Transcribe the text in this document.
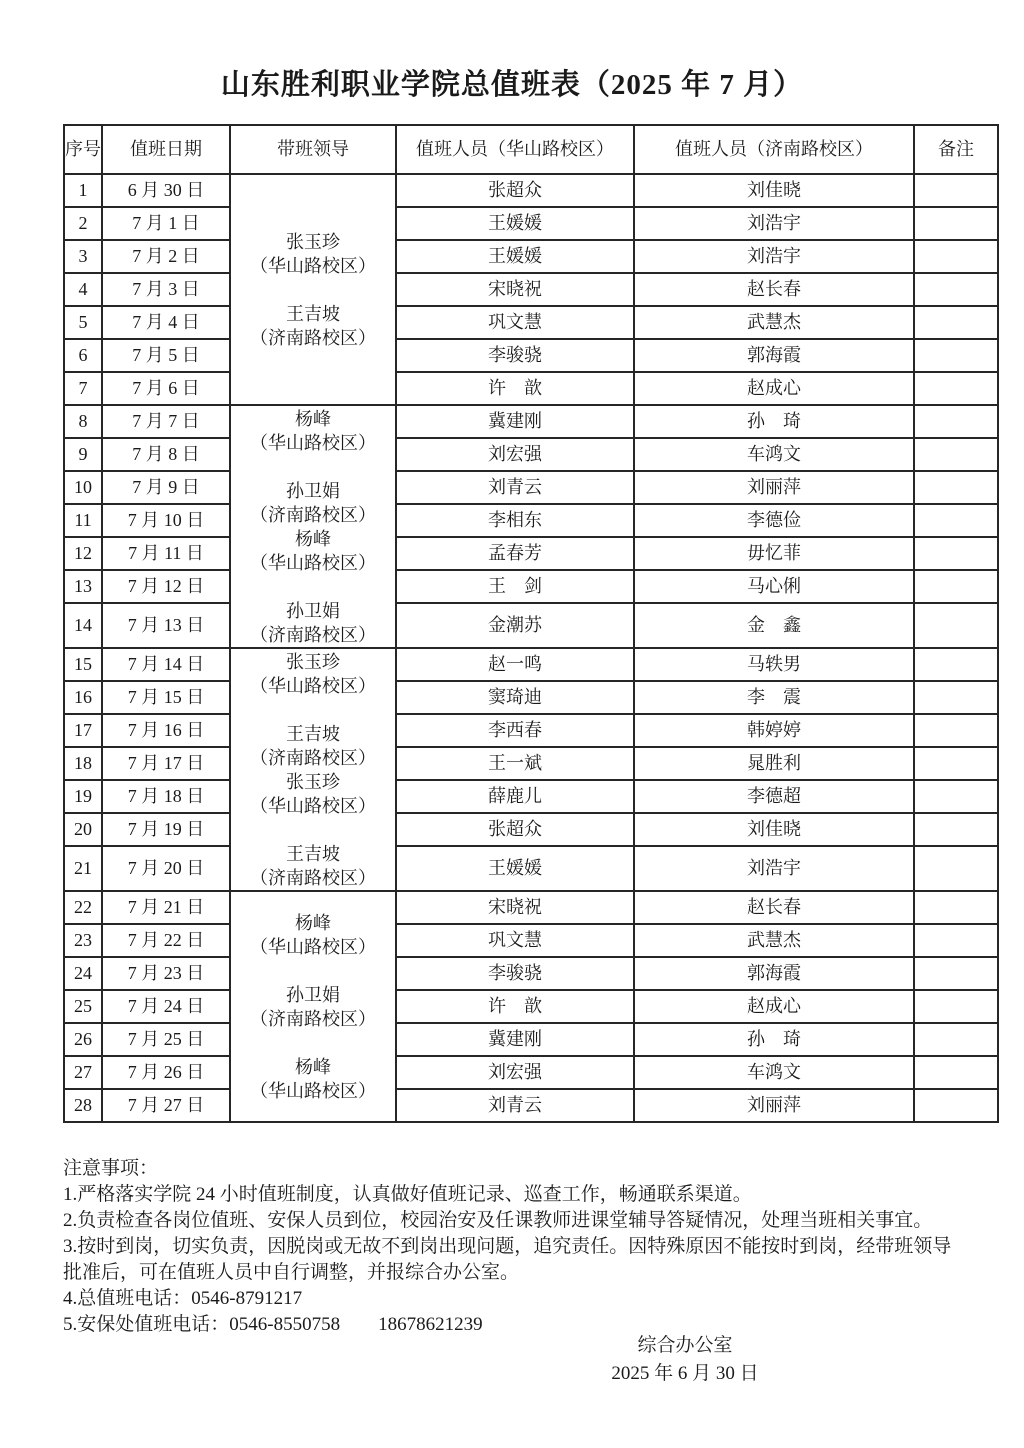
山东胜利职业学院总值班表（2025 年 7 月）
序号	值班日期	带班领导	值班人员（华山路校区）	值班人员（济南路校区）	备注
1	6 月 30 日	张玉珍
（华山路校区）

王吉坡
（济南路校区）	张超众	刘佳晓	
2	7 月 1 日		王媛媛	刘浩宇	
3	7 月 2 日		王媛媛	刘浩宇	
4	7 月 3 日		宋晓祝	赵长春	
5	7 月 4 日		巩文慧	武慧杰	
6	7 月 5 日		李骏骁	郭海霞	
7	7 月 6 日		许　歆	赵成心	
8	7 月 7 日	杨峰
（华山路校区）

孙卫娟
（济南路校区）
杨峰
（华山路校区）

孙卫娟
（济南路校区）
	冀建刚	孙　琦	
9	7 月 8 日		刘宏强	车鸿文	
10	7 月 9 日		刘青云	刘丽萍	
11	7 月 10 日		李相东	李德俭	
12	7 月 11 日		孟春芳	毋忆菲	
13	7 月 12 日		王　剑	马心俐	
14	7 月 13 日		金潮苏	金　鑫	
15	7 月 14 日	张玉珍
（华山路校区）

王吉坡
（济南路校区）
张玉珍
（华山路校区）

王吉坡
（济南路校区）
	赵一鸣	马轶男	
16	7 月 15 日		窦琦迪	李　震	
17	7 月 16 日		李西春	韩婷婷	
18	7 月 17 日		王一斌	晁胜利	
19	7 月 18 日		薛鹿儿	李德超	
20	7 月 19 日		张超众	刘佳晓	
21	7 月 20 日		王媛媛	刘浩宇	
22	7 月 21 日	
杨峰
（华山路校区）

孙卫娟
（济南路校区）

杨峰
（华山路校区）
	宋晓祝	赵长春	
23	7 月 22 日		巩文慧	武慧杰	
24	7 月 23 日		李骏骁	郭海霞	
25	7 月 24 日		许　歆	赵成心	
26	7 月 25 日		冀建刚	孙　琦	
27	7 月 26 日		刘宏强	车鸿文	
28	7 月 27 日		刘青云	刘丽萍	

注意事项：

1.严格落实学院 24 小时值班制度，认真做好值班记录、巡查工作，畅通联系渠道。

2.负责检查各岗位值班、安保人员到位，校园治安及任课教师进课堂辅导答疑情况，处理当班相关事宜。

3.按时到岗，切实负责，因脱岗或无故不到岗出现问题，追究责任。因特殊原因不能按时到岗，经带班领导批准后，可在值班人员中自行调整，并报综合办公室。

4.总值班电话：0546-8791217

5.安保处值班电话：0546-8550758　　18678621239

综合办公室
2025 年 6 月 30 日
